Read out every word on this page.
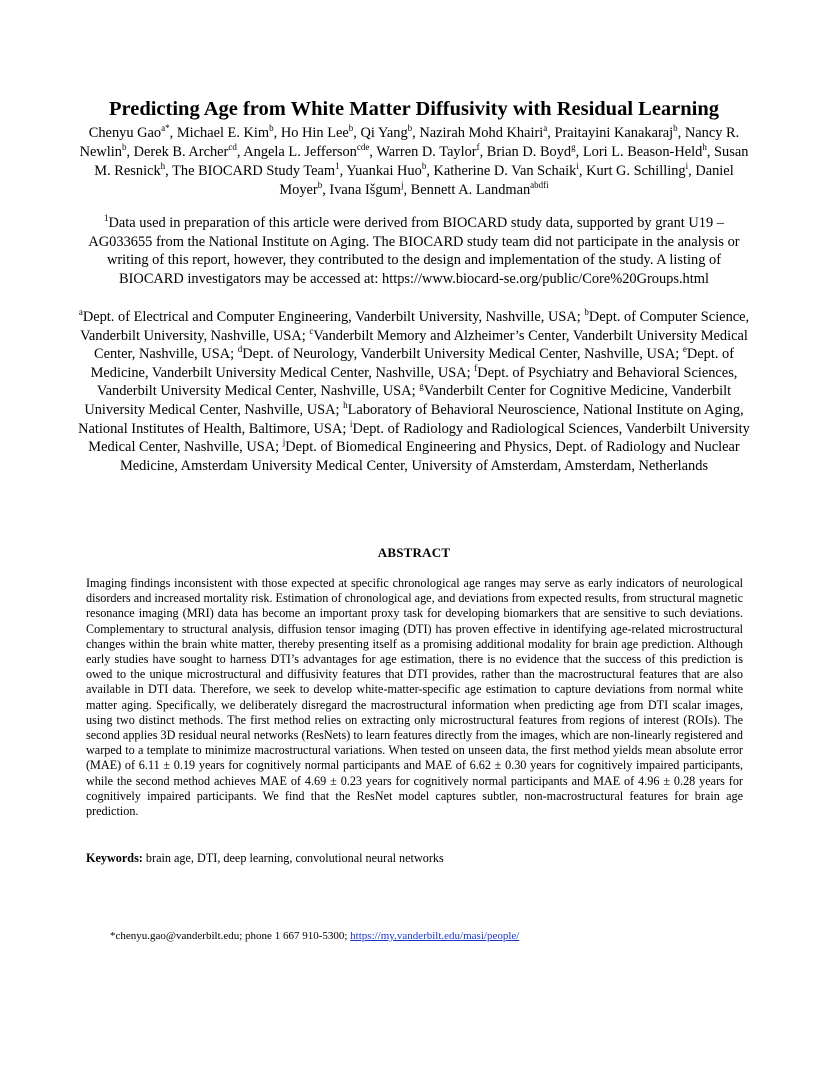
Predicting Age from White Matter Diffusivity with Residual Learning

Chenyu Gao$^{a*}$, Michael E. Kim$^b$, Ho Hin Lee$^b$, Qi Yang$^b$, Nazirah Mohd Khairi$^a$, Praitayini Kanakaraj$^b$, Nancy R. Newlin$^b$, Derek B. Archer$^{cd}$, Angela L. Jefferson$^{cde}$, Warren D. Taylor$^f$, Brian D. Boyd$^g$, Lori L. Beason-Held$^h$, Susan M. Resnick$^h$, The BIOCARD Study Team$^1$, Yuankai Huo$^b$, Katherine D. Van Schaik$^i$, Kurt G. Schilling$^i$, Daniel Moyer$^b$, Ivana Išgum$^j$, Bennett A. Landman$^{abdfi}$

$^1$Data used in preparation of this article were derived from BIOCARD study data, supported by grant U19 –AG033655 from the National Institute on Aging. The BIOCARD study team did not participate in the analysis or writing of this report, however, they contributed to the design and implementation of the study. A listing of BIOCARD investigators may be accessed at: https://www.biocard-se.org/public/Core%20Groups.html

$^a$Dept. of Electrical and Computer Engineering, Vanderbilt University, Nashville, USA; $^b$Dept. of Computer Science, Vanderbilt University, Nashville, USA; $^c$Vanderbilt Memory and Alzheimer’s Center, Vanderbilt University Medical Center, Nashville, USA; $^d$Dept. of Neurology, Vanderbilt University Medical Center, Nashville, USA; $^e$Dept. of Medicine, Vanderbilt University Medical Center, Nashville, USA; $^f$Dept. of Psychiatry and Behavioral Sciences, Vanderbilt University Medical Center, Nashville, USA; $^g$Vanderbilt Center for Cognitive Medicine, Vanderbilt University Medical Center, Nashville, USA; $^h$Laboratory of Behavioral Neuroscience, National Institute on Aging, National Institutes of Health, Baltimore, USA; $^i$Dept. of Radiology and Radiological Sciences, Vanderbilt University Medical Center, Nashville, USA; $^j$Dept. of Biomedical Engineering and Physics, Dept. of Radiology and Nuclear Medicine, Amsterdam University Medical Center, University of Amsterdam, Amsterdam, Netherlands

ABSTRACT

Imaging findings inconsistent with those expected at specific chronological age ranges may serve as early indicators of neurological disorders and increased mortality risk. Estimation of chronological age, and deviations from expected results, from structural magnetic resonance imaging (MRI) data has become an important proxy task for developing biomarkers that are sensitive to such deviations. Complementary to structural analysis, diffusion tensor imaging (DTI) has proven effective in identifying age-related microstructural changes within the brain white matter, thereby presenting itself as a promising additional modality for brain age prediction. Although early studies have sought to harness DTI’s advantages for age estimation, there is no evidence that the success of this prediction is owed to the unique microstructural and diffusivity features that DTI provides, rather than the macrostructural features that are also available in DTI data. Therefore, we seek to develop white-matter-specific age estimation to capture deviations from normal white matter aging. Specifically, we deliberately disregard the macrostructural information when predicting age from DTI scalar images, using two distinct methods. The first method relies on extracting only microstructural features from regions of interest (ROIs). The second applies 3D residual neural networks (ResNets) to learn features directly from the images, which are non-linearly registered and warped to a template to minimize macrostructural variations. When tested on unseen data, the first method yields mean absolute error (MAE) of 6.11 ± 0.19 years for cognitively normal participants and MAE of 6.62 ± 0.30 years for cognitively impaired participants, while the second method achieves MAE of 4.69 ± 0.23 years for cognitively normal participants and MAE of 4.96 ± 0.28 years for cognitively impaired participants. We find that the ResNet model captures subtler, non-macrostructural features for brain age prediction.

Keywords: brain age, DTI, deep learning, convolutional neural networks

*chenyu.gao@vanderbilt.edu; phone 1 667 910-5300; https://my.vanderbilt.edu/masi/people/
